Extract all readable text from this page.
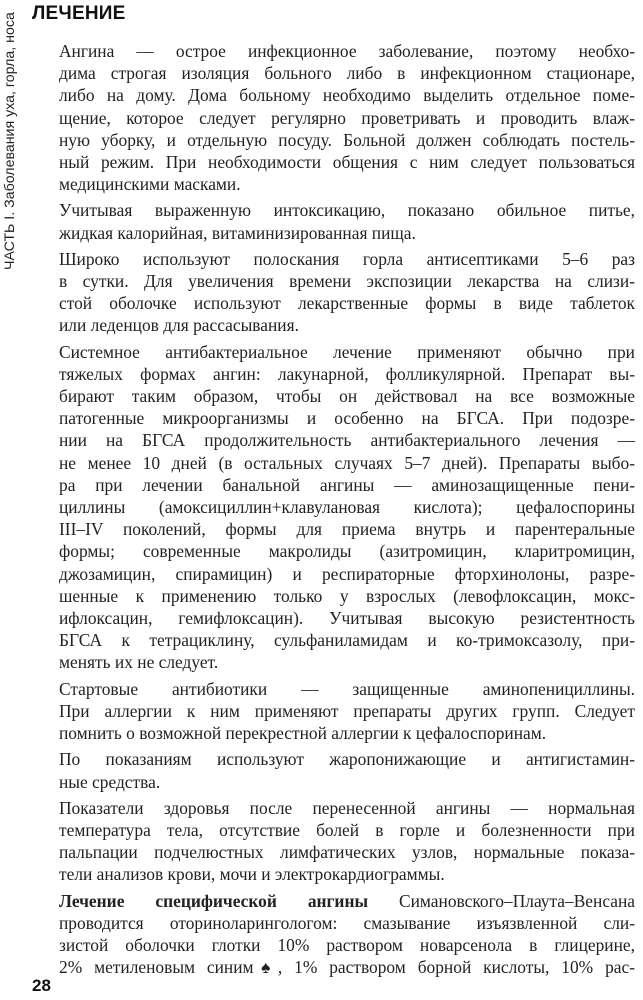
ЧАСТЬ I. Заболевания уха, горла, носа ЛЕЧЕНИЕ

Ангина — острое инфекционное заболевание, поэтому необхо-
дима строгая изоляция больного либо в инфекционном стационаре,
либо на дому. Дома больному необходимо выделить отдельное поме-
щение, которое следует регулярно проветривать и проводить влаж-
ную уборку, и отдельную посуду. Больной должен соблюдать постель-
ный режим. При необходимости общения с ним следует пользоваться
медицинскими масками.

Учитывая выраженную интоксикацию, показано обильное питье,
жидкая калорийная, витаминизированная пища.

Широко используют полоскания горла антисептиками 5–6 раз
в сутки. Для увеличения времени экспозиции лекарства на слизи-
стой оболочке используют лекарственные формы в виде таблеток
или леденцов для рассасывания.

Системное антибактериальное лечение применяют обычно при
тяжелых формах ангин: лакунарной, фолликулярной. Препарат вы-
бирают таким образом, чтобы он действовал на все возможные
патогенные микроорганизмы и особенно на БГСА. При подозре-
нии на БГСА продолжительность антибактериального лечения —
не менее 10 дней (в остальных случаях 5–7 дней). Препараты выбо-
ра при лечении банальной ангины — аминозащищенные пени-
циллины (амоксициллин+клавулановая кислота); цефалоспорины
III–IV поколений, формы для приема внутрь и парентеральные
формы; современные макролиды (азитромицин, кларитромицин,
джозамицин, спирамицин) и респираторные фторхинолоны, разре-
шенные к применению только у взрослых (левофлоксацин, мокс-
ифлоксацин, гемифлоксацин). Учитывая высокую резистентность
БГСА к тетрациклину, сульфаниламидам и ко-тримоксазолу, при-
менять их не следует.

Стартовые антибиотики — защищенные аминопенициллины.
При аллергии к ним применяют препараты других групп. Следует
помнить о возможной перекрестной аллергии к цефалоспоринам.

По показаниям используют жаропонижающие и антигистамин-
ные средства.

Показатели здоровья после перенесенной ангины — нормальная
температура тела, отсутствие болей в горле и болезненности при
пальпации подчелюстных лимфатических узлов, нормальные показа-
тели анализов крови, мочи и электрокардиограммы.

Лечение специфической ангины Симановского–Плаута–Венсана
проводится оториноларингологом: смазывание изъязвленной сли-
зистой оболочки глотки 10% раствором новарсенола в глицерине,
2% метиленовым синим♠, 1% раствором борной кислоты, 10% рас-

28
